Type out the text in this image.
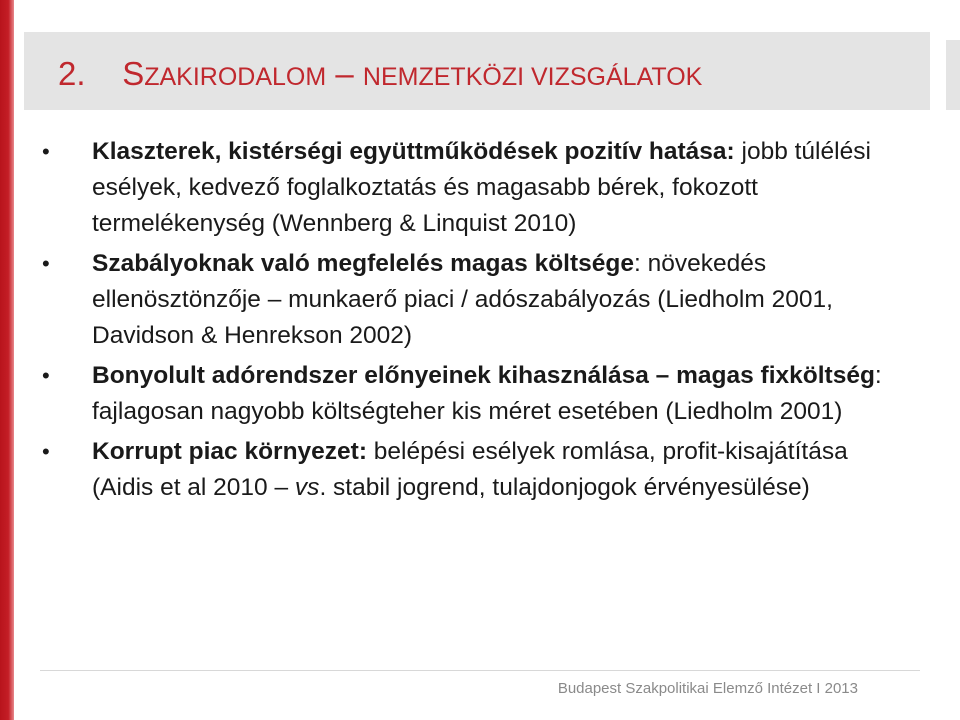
2. SZAKIRODALOM – NEMZETKÖZI VIZSGÁLATOK
• Klaszterek, kistérségi együttműködések pozitív hatása: jobb túlélési esélyek, kedvező foglalkoztatás és magasabb bérek, fokozott termelékenység (Wennberg & Linquist 2010)
• Szabályoknak való megfelelés magas költsége: növekedés ellenösztönzője – munkaerő piaci / adószabályozás (Liedholm 2001, Davidson & Henrekson 2002)
• Bonyolult adórendszer előnyeinek kihasználása – magas fixköltség: fajlagosan nagyobb költségteher kis méret esetében (Liedholm 2001)
• Korrupt piac környezet: belépési esélyek romlása, profit-kisajátítása (Aidis et al 2010 – vs. stabil jogrend, tulajdonjogok érvényesülése)
Budapest Szakpolitikai Elemző Intézet I 2013
